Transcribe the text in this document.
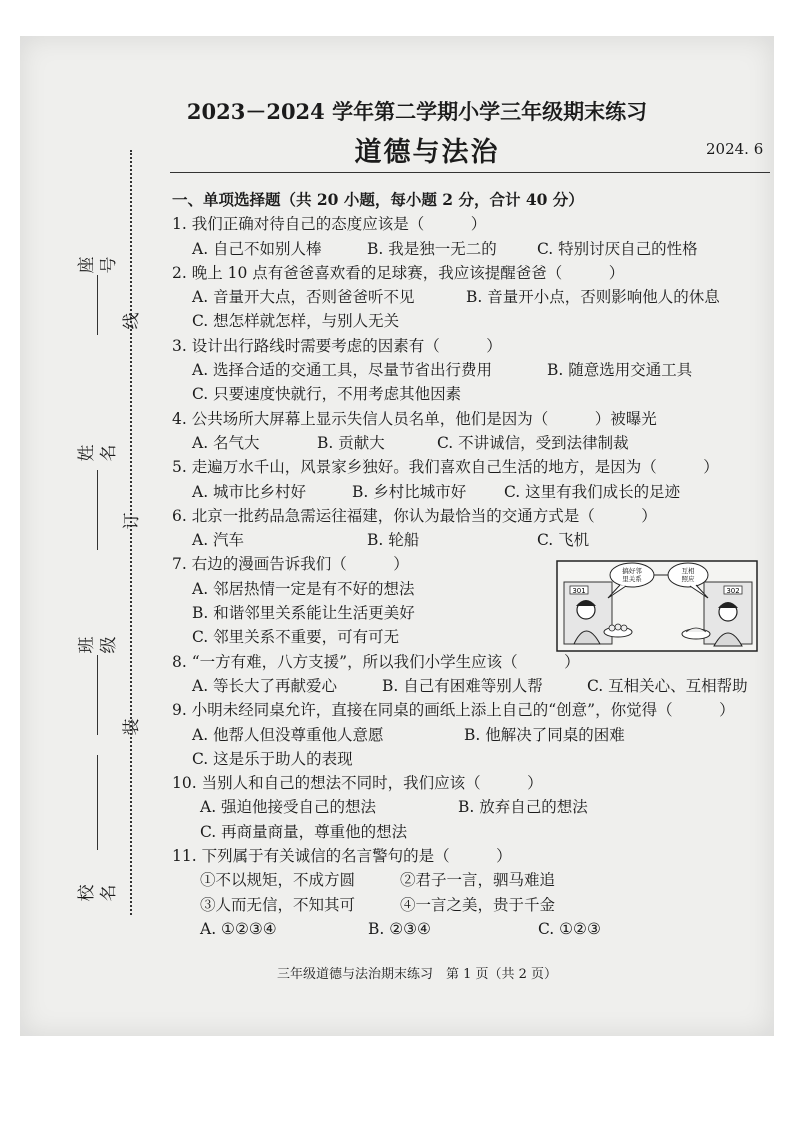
座号
线
姓名
订
班级
装
校名
2023－2024 学年第二学期小学三年级期末练习
道德与法治	2024. 6
一、单项选择题（共 20 小题，每小题 2 分，合计 40 分）
1. 我们正确对待自己的态度应该是（　　　）
A. 自己不如别人棒	B. 我是独一无二的	C. 特别讨厌自己的性格
2. 晚上 10 点有爸爸喜欢看的足球赛，我应该提醒爸爸（　　　）
A. 音量开大点，否则爸爸听不见	B. 音量开小点，否则影响他人的休息
C. 想怎样就怎样，与别人无关
3. 设计出行路线时需要考虑的因素有（　　　）
A. 选择合适的交通工具，尽量节省出行费用	B. 随意选用交通工具
C. 只要速度快就行，不用考虑其他因素
4. 公共场所大屏幕上显示失信人员名单，他们是因为（　　　）被曝光
A. 名气大	B. 贡献大	C. 不讲诚信，受到法律制裁
5. 走遍万水千山，风景家乡独好。我们喜欢自己生活的地方，是因为（　　　）
A. 城市比乡村好	B. 乡村比城市好 C. 这里有我们成长的足迹
6. 北京一批药品急需运往福建，你认为最恰当的交通方式是（　　　）
A. 汽车	B. 轮船	C. 飞机
7. 右边的漫画告诉我们（　　　）
A. 邻居热情一定是有不好的想法
B. 和谐邻里关系能让生活更美好
C. 邻里关系不重要，可有可无
8. “一方有难，八方支援”，所以我们小学生应该（　　　）
A. 等长大了再献爱心	B. 自己有困难等别人帮	C. 互相关心、互相帮助
9. 小明未经同桌允许，直接在同桌的画纸上添上自己的“创意”，你觉得（　　　）
A. 他帮人但没尊重他人意愿	B. 他解决了同桌的困难
C. 这是乐于助人的表现
10. 当别人和自己的想法不同时，我们应该（　　　）
A. 强迫他接受自己的想法	B. 放弃自己的想法
C. 再商量商量，尊重他的想法
11. 下列属于有关诚信的名言警句的是（　　　）
①不以规矩，不成方圆	②君子一言，驷马难追
③人而无信，不知其可	④一言之美，贵于千金
A. ①②③④	B. ②③④	C. ①②③
301	302
搞好邻
里关系
互相
照应
三年级道德与法治期末练习　第 1 页（共 2 页）
